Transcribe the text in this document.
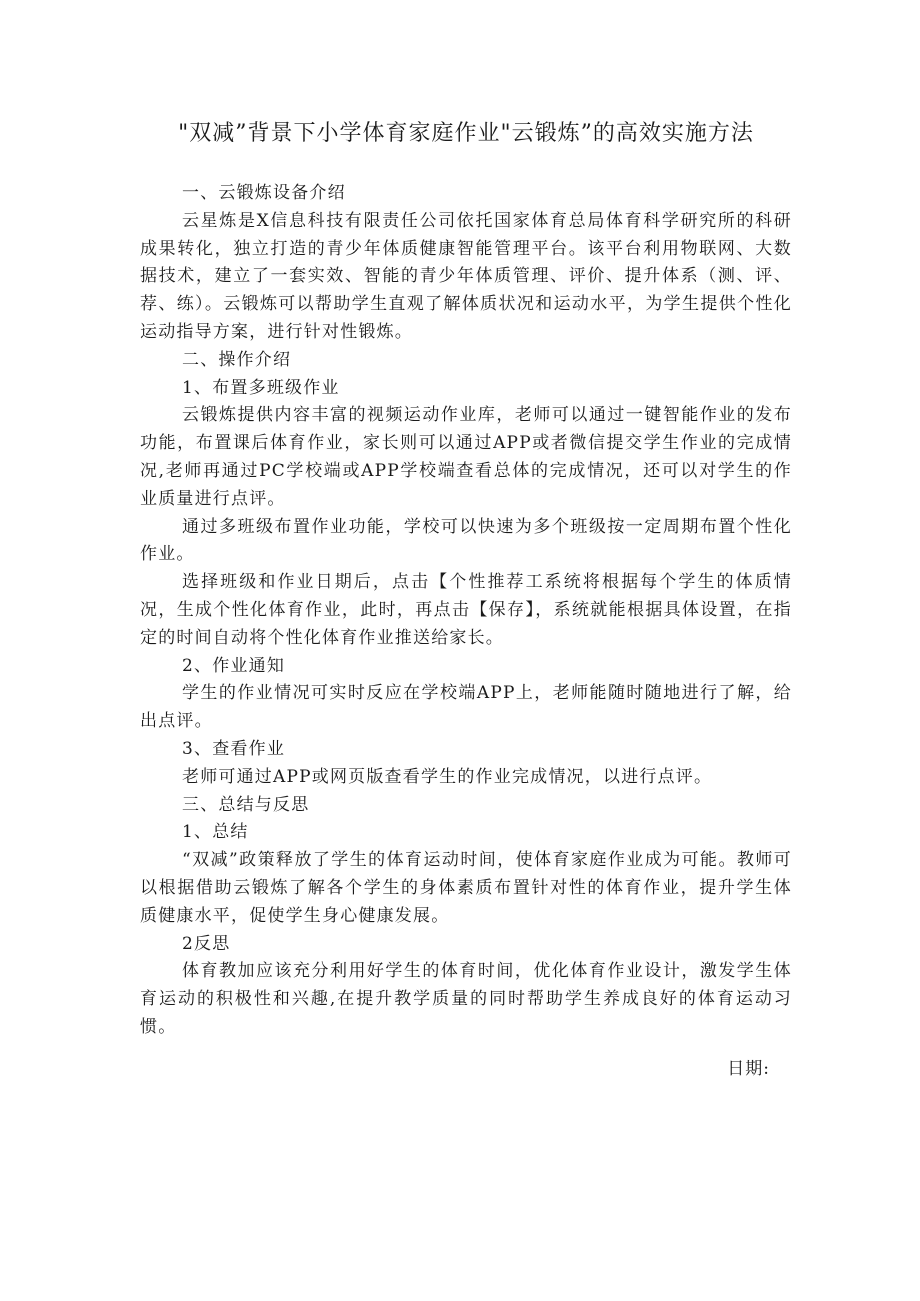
"双减”背景下小学体育家庭作业"云锻炼”的高效实施方法

一、云锻炼设备介绍

云星炼是X信息科技有限责任公司依托国家体育总局体育科学研究所的科研成果转化，独立打造的青少年体质健康智能管理平台。该平台利用物联网、大数据技术，建立了一套实效、智能的青少年体质管理、评价、提升体系（测、评、荐、练）。云锻炼可以帮助学生直观了解体质状况和运动水平，为学生提供个性化运动指导方案，进行针对性锻炼。

二、操作介绍

1、布置多班级作业

云锻炼提供内容丰富的视频运动作业库，老师可以通过一键智能作业的发布功能，布置课后体育作业，家长则可以通过APP或者微信提交学生作业的完成情况,老师再通过PC学校端或APP学校端查看总体的完成情况，还可以对学生的作业质量进行点评。

通过多班级布置作业功能，学校可以快速为多个班级按一定周期布置个性化作业。

选择班级和作业日期后，点击【个性推荐工系统将根据每个学生的体质情况，生成个性化体育作业，此时，再点击【保存】，系统就能根据具体设置，在指定的时间自动将个性化体育作业推送给家长。

2、作业通知

学生的作业情况可实时反应在学校端APP上，老师能随时随地进行了解，给出点评。

3、查看作业

老师可通过APP或网页版查看学生的作业完成情况，以进行点评。

三、总结与反思

1、总结

“双减”政策释放了学生的体育运动时间，使体育家庭作业成为可能。教师可以根据借助云锻炼了解各个学生的身体素质布置针对性的体育作业，提升学生体质健康水平，促使学生身心健康发展。

2反思

体育教加应该充分利用好学生的体育时间，优化体育作业设计，激发学生体育运动的积极性和兴趣,在提升教学质量的同时帮助学生养成良好的体育运动习惯。

日期:
